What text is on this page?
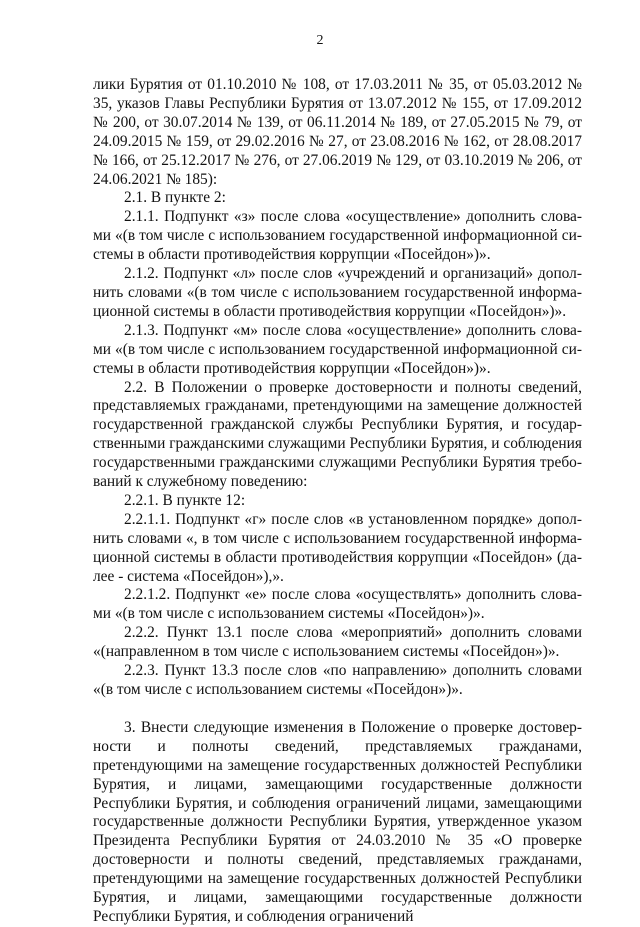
2

лики Бурятия от 01.10.2010 № 108, от 17.03.2011 № 35, от 05.03.2012 № 35, указов Главы Республики Бурятия от 13.07.2012 № 155, от 17.09.2012 № 200, от 30.07.2014 № 139, от 06.11.2014 № 189, от 27.05.2015 № 79, от 24.09.2015 № 159, от 29.02.2016 № 27, от 23.08.2016 № 162, от 28.08.2017 № 166, от 25.12.2017 № 276, от 27.06.2019 № 129, от 03.10.2019 № 206, от 24.06.2021 № 185):

2.1. В пункте 2:

2.1.1. Подпункт «з» после слова «осуществление» дополнить словами «(в том числе с использованием государственной информационной системы в области противодействия коррупции «Посейдон»)».

2.1.2. Подпункт «л» после слов «учреждений и организаций» дополнить словами «(в том числе с использованием государственной информационной системы в области противодействия коррупции «Посейдон»)».

2.1.3. Подпункт «м» после слова «осуществление» дополнить словами «(в том числе с использованием государственной информационной системы в области противодействия коррупции «Посейдон»)».

2.2. В Положении о проверке достоверности и полноты сведений, представляемых гражданами, претендующими на замещение должностей государственной гражданской службы Республики Бурятия, и государственными гражданскими служащими Республики Бурятия, и соблюдения государственными гражданскими служащими Республики Бурятия требований к служебному поведению:

2.2.1. В пункте 12:

2.2.1.1. Подпункт «г» после слов «в установленном порядке» дополнить словами «, в том числе с использованием государственной информационной системы в области противодействия коррупции «Посейдон» (далее - система «Посейдон»),».

2.2.1.2. Подпункт «е» после слова «осуществлять» дополнить словами «(в том числе с использованием системы «Посейдон»)».

2.2.2. Пункт 13.1 после слова «мероприятий» дополнить словами «(направленном в том числе с использованием системы «Посейдон»)».

2.2.3. Пункт 13.3 после слов «по направлению» дополнить словами «(в том числе с использованием системы «Посейдон»)».

3. Внести следующие изменения в Положение о проверке достоверности и полноты сведений, представляемых гражданами, претендующими на замещение государственных должностей Республики Бурятия, и лицами, замещающими государственные должности Республики Бурятия, и соблюдения ограничений лицами, замещающими государственные должности Республики Бурятия, утвержденное указом Президента Республики Бурятия от 24.03.2010 № 35 «О проверке достоверности и полноты сведений, представляемых гражданами, претендующими на замещение государственных должностей Республики Бурятия, и лицами, замещающими государственные должности Республики Бурятия, и соблюдения ограничений
